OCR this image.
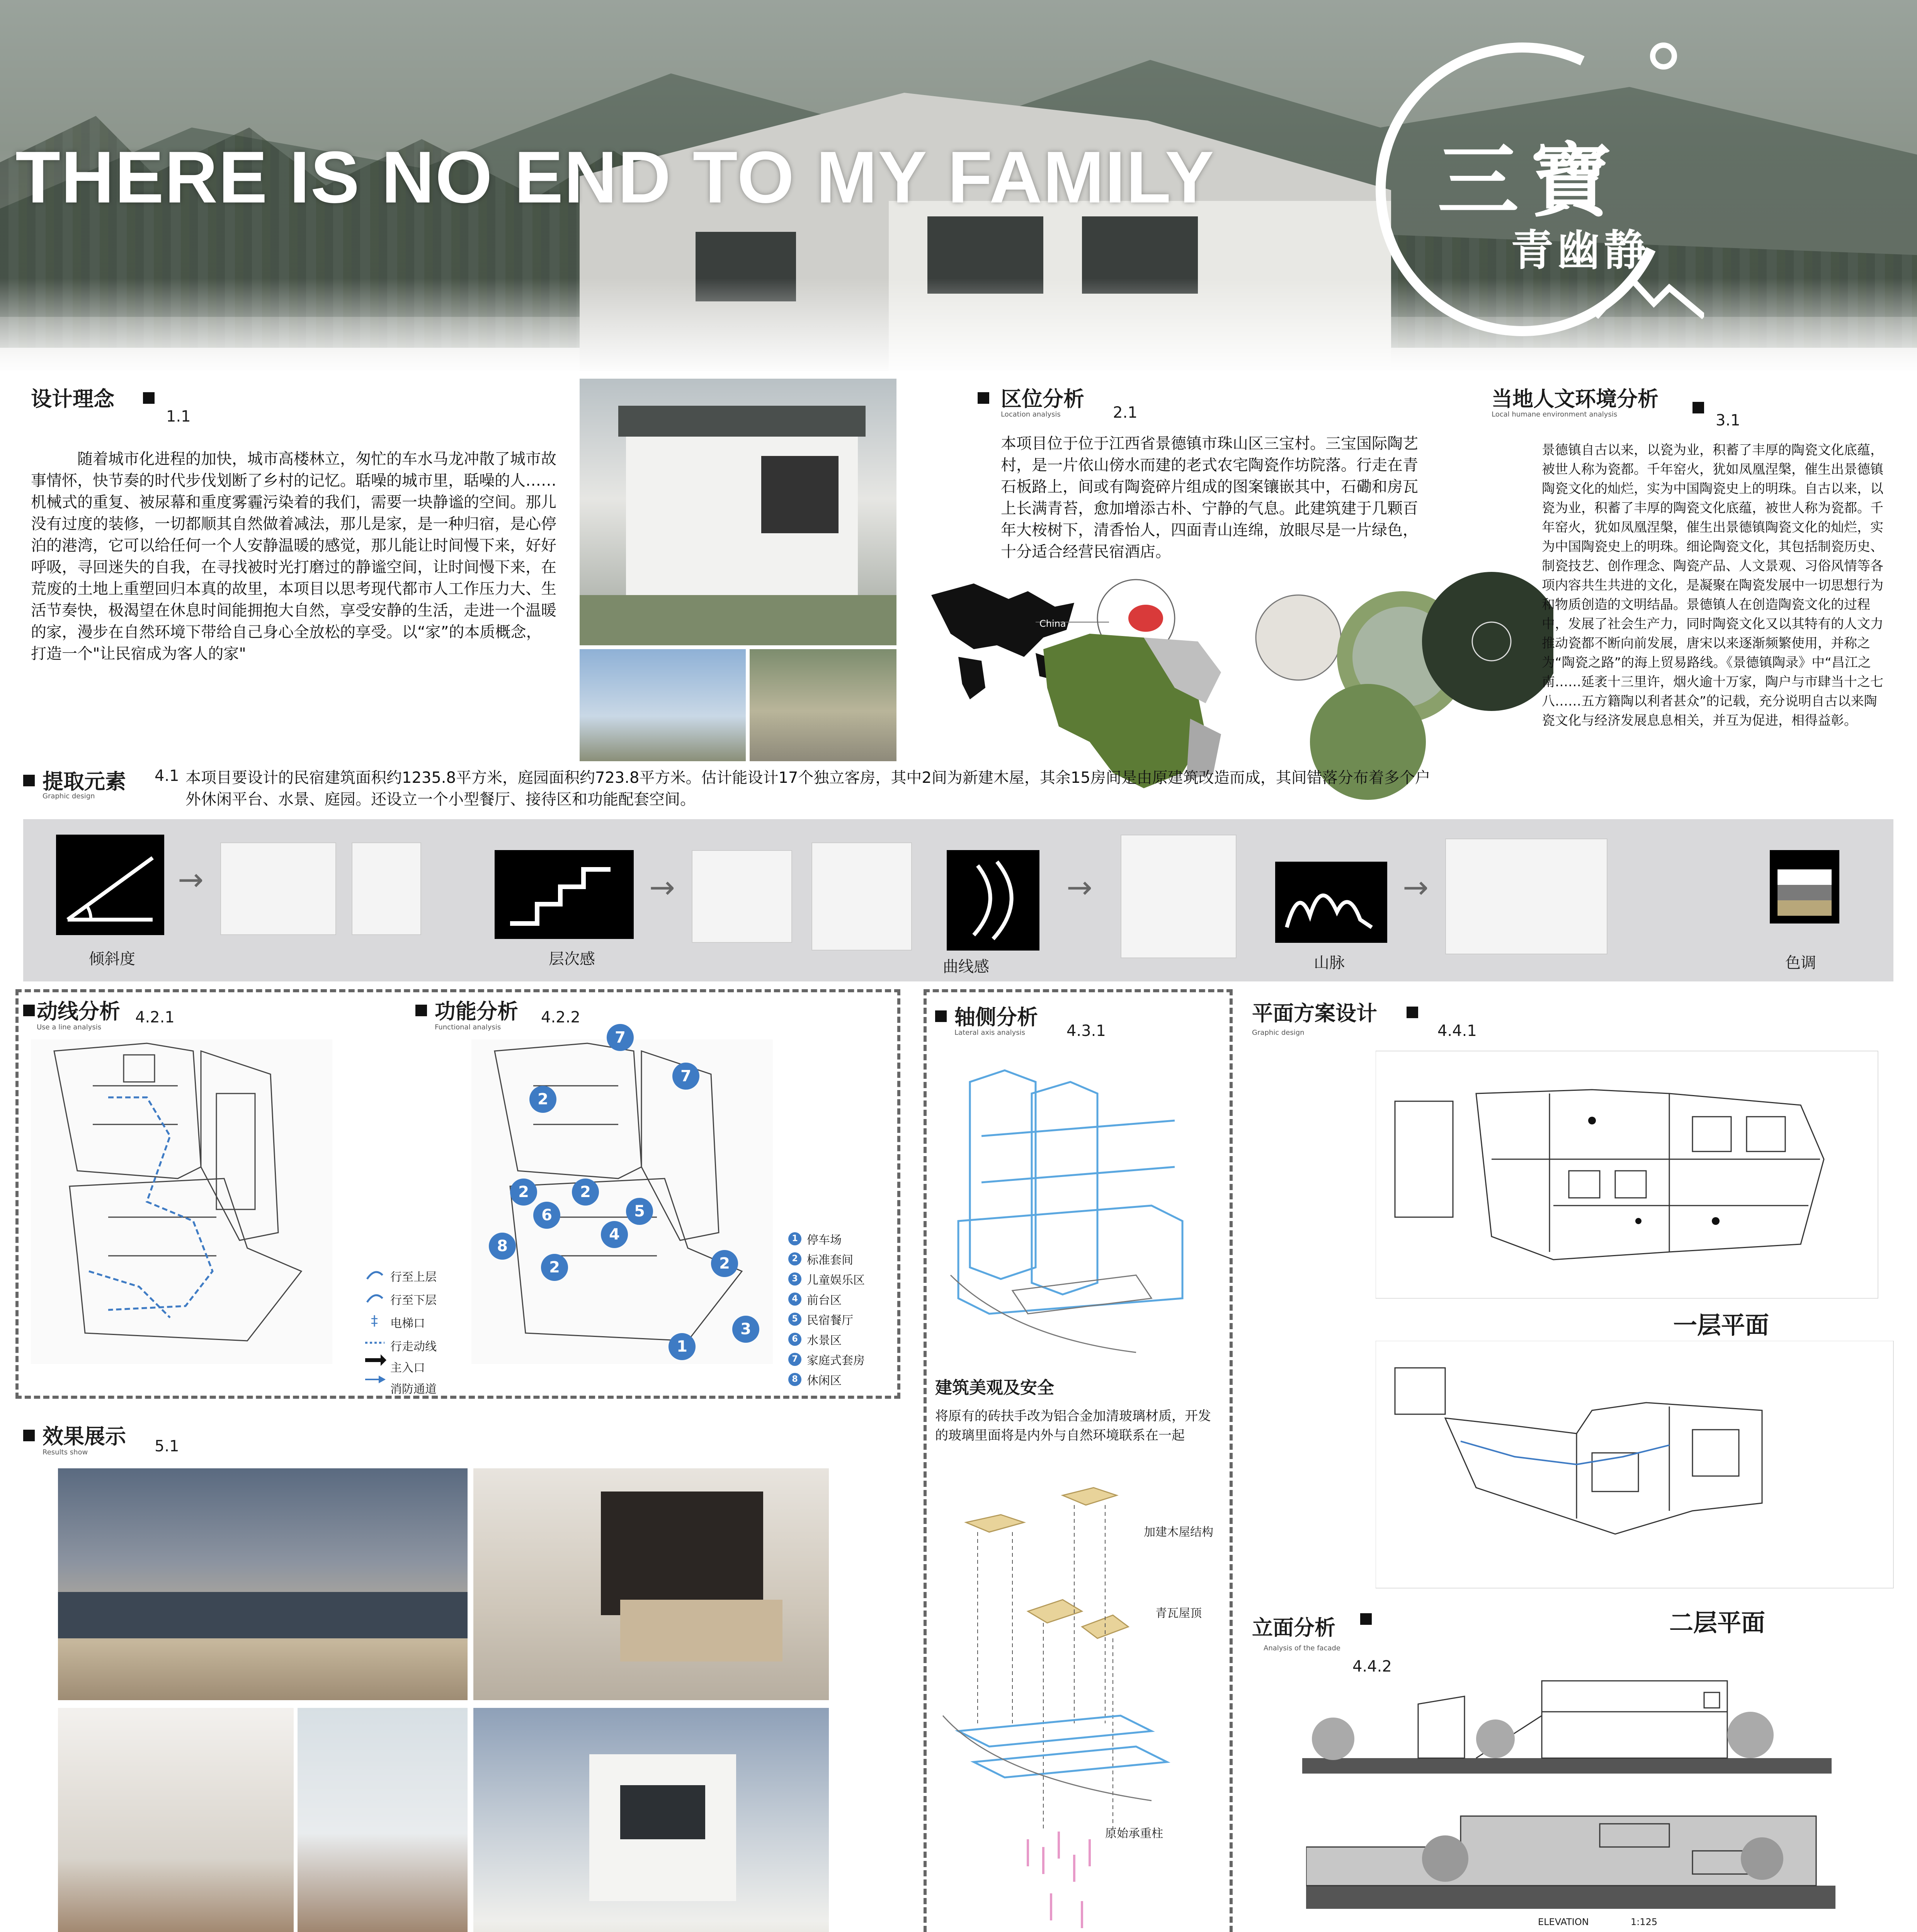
THERE IS NO END TO MY FAMILY	三寶
青幽静
设计理念
1.1
随着城市化进程的加快，城市高楼林立，匆忙的车水马龙冲散了城市故事情怀，快节奏的时代步伐划断了乡村的记忆。聒噪的城市里，聒噪的人……机械式的重复、被尿幕和重度雾霾污染着的我们，需要一块静谧的空间。那儿没有过度的装修，一切都顺其自然做着减法，那儿是家，是一种归宿，是心停泊的港湾，它可以给任何一个人安静温暖的感觉，那儿能让时间慢下来，好好呼吸，寻回迷失的自我，在寻找被时光打磨过的静谧空间，让时间慢下来，在荒废的土地上重塑回归本真的故里，本项目以思考现代都市人工作压力大、生活节奏快，极渴望在休息时间能拥抱大自然，享受安静的生活，走进一个温暖的家，漫步在自然环境下带给自己身心全放松的享受。以“家”的本质概念，打造一个"让民宿成为客人的家"
区位分析
Location analysis	2.1
本项目位于位于江西省景德镇市珠山区三宝村。三宝国际陶艺村，是一片依山傍水而建的老式农宅陶瓷作坊院落。行走在青石板路上，间或有陶瓷碎片组成的图案镶嵌其中，石磡和房瓦上长满青苔，愈加增添古朴、宁静的气息。此建筑建于几颗百年大桉树下，清香怡人，四面青山连绵，放眼尽是一片绿色，十分适合经营民宿酒店。
China
当地人文环境分析
Local humane environment analysis	3.1
景德镇自古以来，以瓷为业，积蓄了丰厚的陶瓷文化底蕴，被世人称为瓷都。千年窑火，犹如凤凰涅槃，催生出景德镇陶瓷文化的灿烂，实为中国陶瓷史上的明珠。自古以来，以瓷为业，积蓄了丰厚的陶瓷文化底蕴，被世人称为瓷都。千年窑火，犹如凤凰涅槃，催生出景德镇陶瓷文化的灿烂，实为中国陶瓷史上的明珠。细论陶瓷文化，其包括制瓷历史、制瓷技艺、创作理念、陶瓷产品、人文景观、习俗风情等各项内容共生共进的文化，是凝聚在陶瓷发展中一切思想行为和物质创造的文明结晶。景德镇人在创造陶瓷文化的过程中，发展了社会生产力，同时陶瓷文化又以其特有的人文力推动瓷都不断向前发展，唐宋以来逐渐频繁使用，并称之为“陶瓷之路”的海上贸易路线。《景德镇陶录》中“昌江之南……延袤十三里许，烟火逾十万家，陶户与市肆当十之七八……五方籍陶以利者甚众”的记载，充分说明自古以来陶瓷文化与经济发展息息相关，并互为促进，相得益彰。
提取元素
Graphic design
4.1 本项目要设计的民宿建筑面积约1235.8平方米，庭园面积约723.8平方米。估计能设计17个独立客房，其中2间为新建木屋，其余15房间是由原建筑改造而成，其间错落分布着多个户外休闲平台、水景、庭园。还设立一个小型餐厅、接待区和功能配套空间。
→
倾斜度
→
层次感
→
曲线感
→
山脉	色调
动线分析
Use a line analysis
4.2.1
‡
行至上层
行至下层
电梯口
行走动线
主入口
消防通道
功能分析
Functional analysis
4.2.2
7
2
7
2	2
6	5
8
4
2	2
3
1
1 停车场
2 标准套间
3 儿童娱乐区
4 前台区
5 民宿餐厅
6 水景区
7 家庭式套房
8 休闲区
效果展示
Results show	5.1
轴侧分析
Lateral axis analysis	4.3.1
建筑美观及安全
将原有的砖扶手改为铝合金加清玻璃材质，开发的玻璃里面将是内外与自然环境联系在一起
加建木屋结构
青瓦屋顶
原始承重柱
平面方案设计
Graphic design	4.4.1
一层平面
二层平面
立面分析
Analysis of the facade
4.4.2
ELEVATION	1:125
